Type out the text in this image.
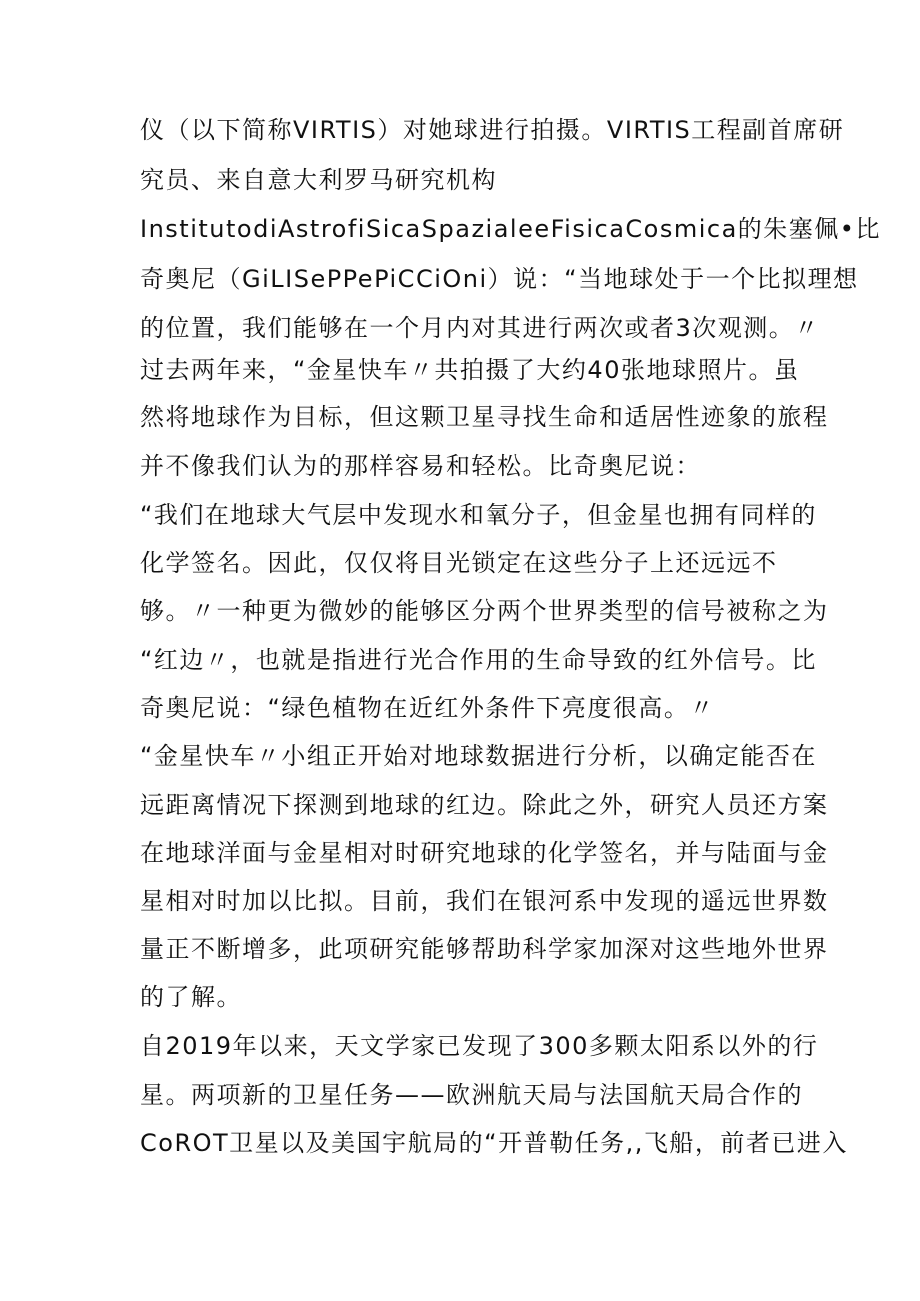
仪（以下简称VIRTIS）对她球进行拍摄。VIRTIS工程副首席研
究员、来自意大利罗马研究机构
InstitutodiAstrofiSicaSpazialeeFisicaCosmica的朱塞佩•比
奇奥尼（GiLISePPePiCCiOni）说：“当地球处于一个比拟理想
的位置，我们能够在一个月内对其进行两次或者3次观测。〃
过去两年来，“金星快车〃共拍摄了大约40张地球照片。虽
然将地球作为目标，但这颗卫星寻找生命和适居性迹象的旅程
并不像我们认为的那样容易和轻松。比奇奥尼说：
“我们在地球大气层中发现水和氧分子，但金星也拥有同样的
化学签名。因此，仅仅将目光锁定在这些分子上还远远不
够。〃一种更为微妙的能够区分两个世界类型的信号被称之为
“红边〃，也就是指进行光合作用的生命导致的红外信号。比
奇奥尼说：“绿色植物在近红外条件下亮度很高。〃
“金星快车〃小组正开始对地球数据进行分析，以确定能否在
远距离情况下探测到地球的红边。除此之外，研究人员还方案
在地球洋面与金星相对时研究地球的化学签名，并与陆面与金
星相对时加以比拟。目前，我们在银河系中发现的遥远世界数
量正不断增多，此项研究能够帮助科学家加深对这些地外世界
的了解。
自2019年以来，天文学家已发现了300多颗太阳系以外的行
星。两项新的卫星任务——欧洲航天局与法国航天局合作的
CoROT卫星以及美国宇航局的“开普勒任务,,飞船，前者已进入
